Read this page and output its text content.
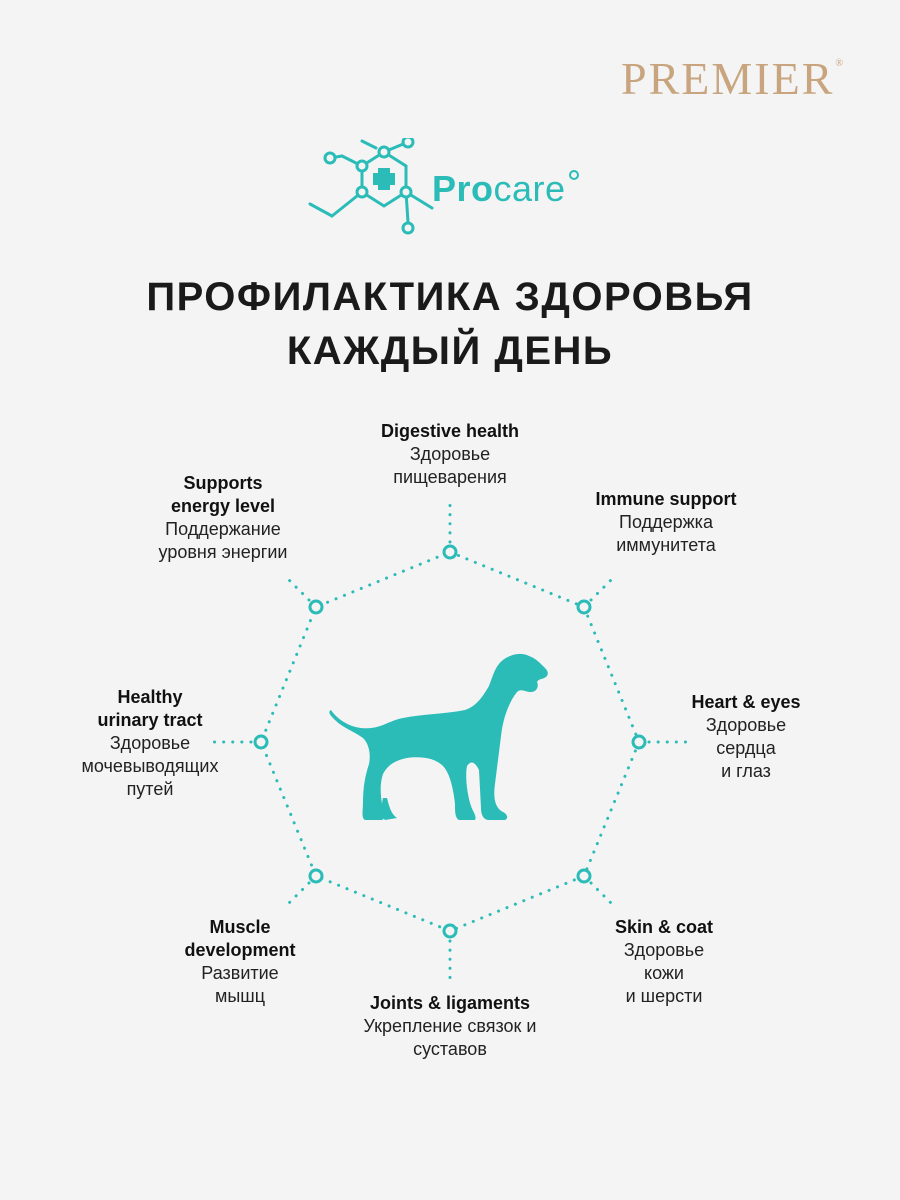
PREMIER®
Procare
ПРОФИЛАКТИКА ЗДОРОВЬЯ
КАЖДЫЙ ДЕНЬ
Digestive health
Здоровье
пищеварения
Immune support
Поддержка
иммунитета
Heart & eyes
Здоровье
сердца
и глаз
Skin & coat
Здоровье
кожи
и шерсти
Joints & ligaments
Укрепление связок и
суставов
Muscle
development
Развитие
мышц
Healthy
urinary tract
Здоровье
мочевыводящих
путей
Supports
energy level
Поддержание
уровня энергии
